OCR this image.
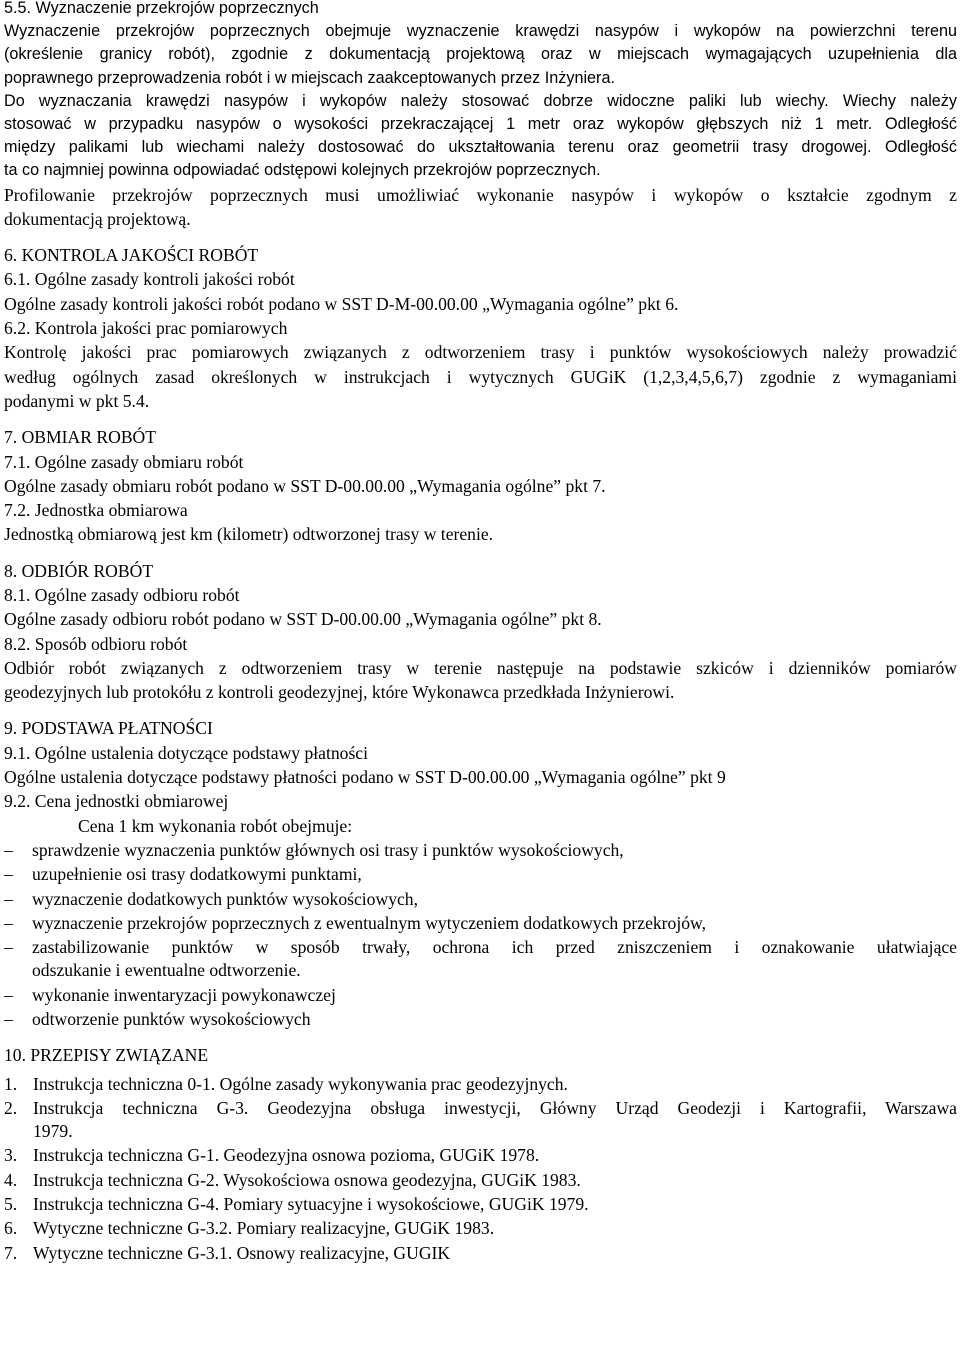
5.5. Wyznaczenie przekrojów poprzecznych

Wyznaczenie przekrojów poprzecznych obejmuje wyznaczenie krawędzi nasypów i wykopów na powierzchni terenu

(określenie granicy robót), zgodnie z dokumentacją projektową oraz w miejscach wymagających uzupełnienia dla

poprawnego przeprowadzenia robót i w miejscach zaakceptowanych przez Inżyniera.

Do wyznaczania krawędzi nasypów i wykopów należy stosować dobrze widoczne paliki lub wiechy. Wiechy należy

stosować w przypadku nasypów o wysokości przekraczającej 1 metr oraz wykopów głębszych niż 1 metr. Odległość

między palikami lub wiechami należy dostosować do ukształtowania terenu oraz geometrii trasy drogowej. Odległość

ta co najmniej powinna odpowiadać odstępowi kolejnych przekrojów poprzecznych.

Profilowanie przekrojów poprzecznych musi umożliwiać wykonanie nasypów i wykopów o kształcie zgodnym z

dokumentacją projektową.

6. KONTROLA JAKOŚCI ROBÓT

6.1. Ogólne zasady kontroli jakości robót

Ogólne zasady kontroli jakości robót podano w SST D-M-00.00.00 „Wymagania ogólne” pkt 6.

6.2. Kontrola jakości prac pomiarowych

Kontrolę jakości prac pomiarowych związanych z odtworzeniem trasy i punktów wysokościowych należy prowadzić

według ogólnych zasad określonych w instrukcjach i wytycznych GUGiK (1,2,3,4,5,6,7) zgodnie z wymaganiami

podanymi w pkt 5.4.

7. OBMIAR ROBÓT

7.1. Ogólne zasady obmiaru robót

Ogólne zasady obmiaru robót podano w SST D-00.00.00 „Wymagania ogólne” pkt 7.

7.2. Jednostka obmiarowa

Jednostką obmiarową jest km (kilometr) odtworzonej trasy w terenie.

8. ODBIÓR ROBÓT

8.1. Ogólne zasady odbioru robót

Ogólne zasady odbioru robót podano w SST D-00.00.00 „Wymagania ogólne” pkt 8.

8.2. Sposób odbioru robót

Odbiór robót związanych z odtworzeniem trasy w terenie następuje na podstawie szkiców i dzienników pomiarów

geodezyjnych lub protokółu z kontroli geodezyjnej, które Wykonawca przedkłada Inżynierowi.

9. PODSTAWA PŁATNOŚCI

9.1. Ogólne ustalenia dotyczące podstawy płatności

Ogólne ustalenia dotyczące podstawy płatności podano w SST D-00.00.00 „Wymagania ogólne” pkt 9

9.2. Cena jednostki obmiarowej

Cena 1 km wykonania robót obejmuje:

–	sprawdzenie wyznaczenia punktów głównych osi trasy i punktów wysokościowych,

–	uzupełnienie osi trasy dodatkowymi punktami,

–	wyznaczenie dodatkowych punktów wysokościowych,

–	wyznaczenie przekrojów poprzecznych z ewentualnym wytyczeniem dodatkowych przekrojów,

–	zastabilizowanie punktów w sposób trwały, ochrona ich przed zniszczeniem i oznakowanie ułatwiające

odszukanie i ewentualne odtworzenie.

–	wykonanie inwentaryzacji powykonawczej

–	odtworzenie punktów wysokościowych

10. PRZEPISY ZWIĄZANE

1. Instrukcja techniczna 0-1. Ogólne zasady wykonywania prac geodezyjnych.

2. Instrukcja techniczna G-3. Geodezyjna obsługa inwestycji, Główny Urząd Geodezji i Kartografii, Warszawa

1979.

3. Instrukcja techniczna G-1. Geodezyjna osnowa pozioma, GUGiK 1978.

4. Instrukcja techniczna G-2. Wysokościowa osnowa geodezyjna, GUGiK 1983.

5. Instrukcja techniczna G-4. Pomiary sytuacyjne i wysokościowe, GUGiK 1979.

6. Wytyczne techniczne G-3.2. Pomiary realizacyjne, GUGiK 1983.

7. Wytyczne techniczne G-3.1. Osnowy realizacyjne, GUGIK
